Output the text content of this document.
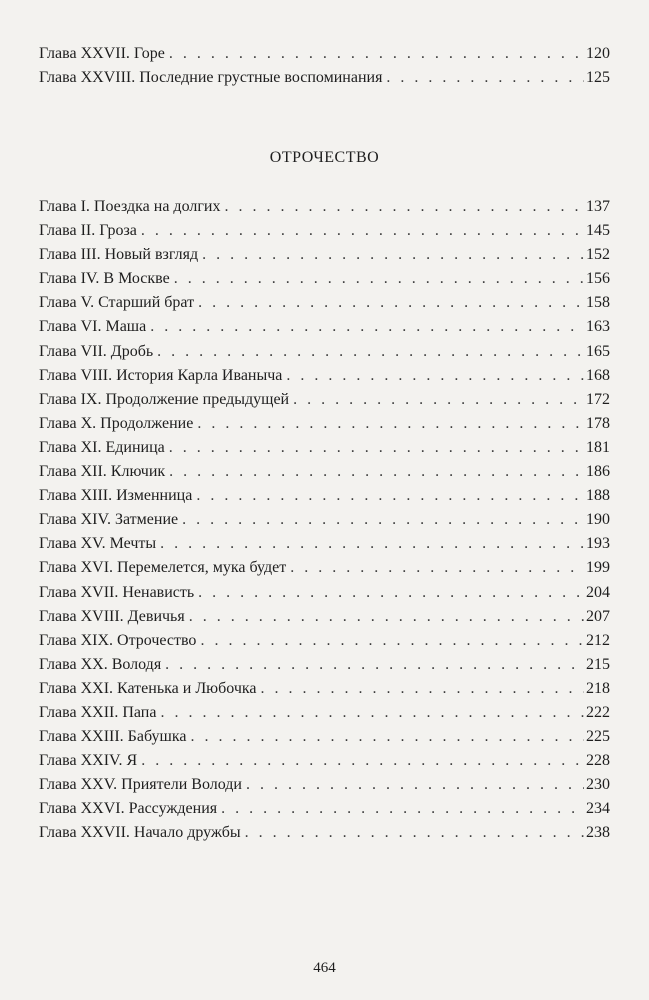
Глава XXVII. Горе . . .	120
Глава XXVIII. Последние грустные воспоминания . . .	125
ОТРОЧЕСТВО
Глава I. Поездка на долгих . . .	137
Глава II. Гроза . . .	145
Глава III. Новый взгляд . . .	152
Глава IV. В Москве . . .	156
Глава V. Старший брат . . .	158
Глава VI. Маша . . .	163
Глава VII. Дробь . . .	165
Глава VIII. История Карла Иваныча . . .	168
Глава IX. Продолжение предыдущей . . .	172
Глава X. Продолжение . . .	178
Глава XI. Единица . . .	181
Глава XII. Ключик . . .	186
Глава XIII. Изменница . . .	188
Глава XIV. Затмение . . .	190
Глава XV. Мечты . . .	193
Глава XVI. Перемелется, мука будет . . .	199
Глава XVII. Ненависть . . .	204
Глава XVIII. Девичья . . .	207
Глава XIX. Отрочество . . .	212
Глава XX. Володя . . .	215
Глава XXI. Катенька и Любочка . . .	218
Глава XXII. Папа . . .	222
Глава XXIII. Бабушка . . .	225
Глава XXIV. Я . . .	228
Глава XXV. Приятели Володи . . .	230
Глава XXVI. Рассуждения . . .	234
Глава XXVII. Начало дружбы . . .	238
464
